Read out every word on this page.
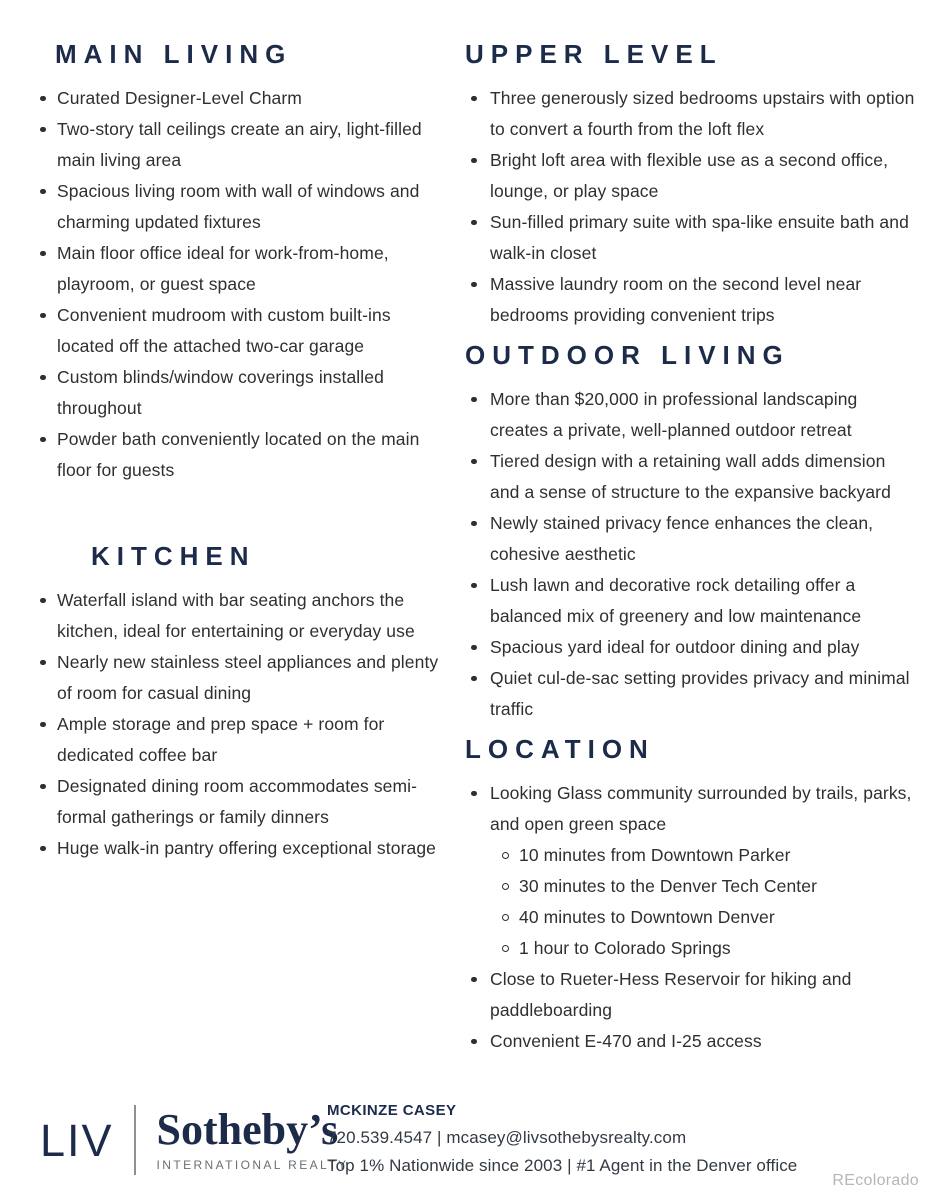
MAIN LIVING
Curated Designer-Level Charm
Two-story tall ceilings create an airy, light-filled main living area
Spacious living room with wall of windows and charming updated fixtures
Main floor office ideal for work-from-home, playroom, or guest space
Convenient mudroom with custom built-ins located off the attached two-car garage
Custom blinds/window coverings installed throughout
Powder bath conveniently located on the main floor for guests
KITCHEN
Waterfall island with bar seating anchors the kitchen, ideal for entertaining or everyday use
Nearly new stainless steel appliances and plenty of room for casual dining
Ample storage and prep space + room for dedicated coffee bar
Designated dining room accommodates semi-formal gatherings or family dinners
Huge walk-in pantry offering exceptional storage
UPPER LEVEL
Three generously sized bedrooms upstairs with option to convert a fourth from the loft flex
Bright loft area with flexible use as a second office, lounge, or play space
Sun-filled primary suite with spa-like ensuite bath and walk-in closet
Massive laundry room on the second level near bedrooms providing convenient trips
OUTDOOR LIVING
More than $20,000 in professional landscaping creates a private, well-planned outdoor retreat
Tiered design with a retaining wall adds dimension and a sense of structure to the expansive backyard
Newly stained privacy fence enhances the clean, cohesive aesthetic
Lush lawn and decorative rock detailing offer a balanced mix of greenery and low maintenance
Spacious yard ideal for outdoor dining and play
Quiet cul-de-sac setting provides privacy and minimal traffic
LOCATION
Looking Glass community surrounded by trails, parks, and open green space
10 minutes from Downtown Parker
30 minutes to the Denver Tech Center
40 minutes to Downtown Denver
1 hour to Colorado Springs
Close to Rueter-Hess Reservoir for hiking and paddleboarding
Convenient E-470 and I-25 access
LIV Sotheby’s
INTERNATIONAL REALTY
MCKINZE CASEY
720.539.4547 | mcasey@livsothebysrealty.com
Top 1% Nationwide since 2003 | #1 Agent in the Denver office
REcolorado
